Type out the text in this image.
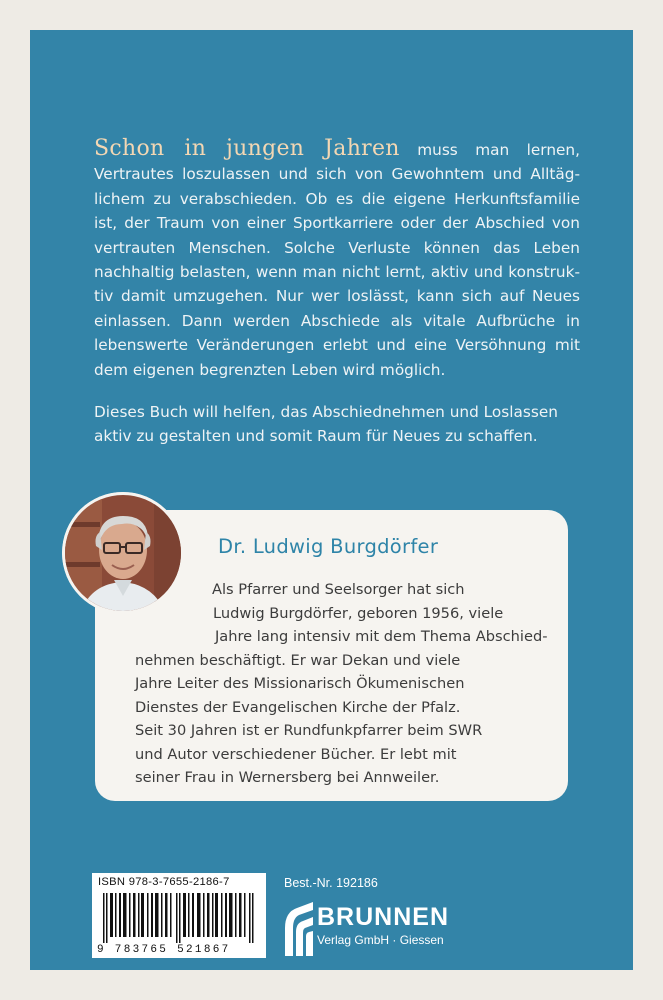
Schon in jungen Jahren muss man lernen, Vertrautes loszulassen und sich von Gewohntem und Alltäg-lichem zu verabschieden. Ob es die eigene Herkunftsfamilie ist, der Traum von einer Sportkarriere oder der Abschied von vertrauten Menschen. Solche Verluste können das Leben nachhaltig belasten, wenn man nicht lernt, aktiv und konstruk-tiv damit umzugehen. Nur wer loslässt, kann sich auf Neues einlassen. Dann werden Abschiede als vitale Aufbrüche in lebenswerte Veränderungen erlebt und eine Versöhnung mit dem eigenen begrenzten Leben wird möglich.

Dieses Buch will helfen, das Abschiednehmen und Loslassen aktiv zu gestalten und somit Raum für Neues zu schaffen.

Dr. Ludwig Burgdörfer
Als Pfarrer und Seelsorger hat sich
Ludwig Burgdörfer, geboren 1956, viele
Jahre lang intensiv mit dem Thema Abschied-
nehmen beschäftigt. Er war Dekan und viele
Jahre Leiter des Missionarisch Ökumenischen
Dienstes der Evangelischen Kirche der Pfalz.
Seit 30 Jahren ist er Rundfunkpfarrer beim SWR
und Autor verschiedener Bücher. Er lebt mit
seiner Frau in Wernersberg bei Annweiler.
ISBN 978-3-7655-2186-7
9 783765 521867
Best.-Nr. 192186
BRUNNEN
Verlag GmbH · Giessen
